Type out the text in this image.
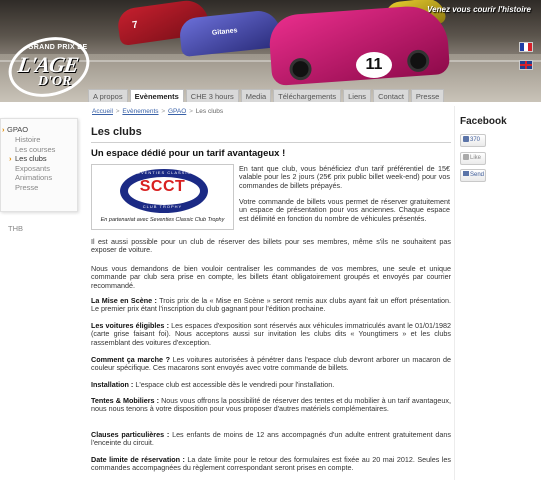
7
Gitanes
11
GRAND PRIX DE
L'AGE
D'OR
Venez vous courir l'histoire
A propos	Evènements	CHE 3 hours	Media	Téléchargements	Liens	Contact	Presse
Accueil > Evènements > GPAO > Les clubs
› GPAO
Histoire
Les courses
› Les clubs
Exposants
Animations
Presse
THB
Les clubs
Un espace dédié pour un tarif avantageux !
SEVENTIES CLASSIC
SCCT
CLUB TROPHY
En partenariat avec Seventies Classic Club Trophy
En tant que club, vous bénéficiez d'un tarif préférentiel de 15€ valable pour les 2 jours (25€ prix public billet week-end) pour vos commandes de billets prépayés.
Votre commande de billets vous permet de réserver gratuitement un espace de présentation pour vos anciennes. Chaque espace est délimité en fonction du nombre de véhicules présentés.
Il est aussi possible pour un club de réserver des billets pour ses membres, même s'ils ne souhaitent pas exposer de voiture.
Nous vous demandons de bien vouloir centraliser les commandes de vos membres, une seule et unique commande par club sera prise en compte, les billets étant obligatoirement groupés et envoyés par courrier recommandé.
La Mise en Scène : Trois prix de la « Mise en Scène » seront remis aux clubs ayant fait un effort présentation. Le premier prix étant l'inscription du club gagnant pour l'édition prochaine.
Les voitures éligibles : Les espaces d'exposition sont réservés aux véhicules immatriculés avant le 01/01/1982 (carte grise faisant foi). Nous acceptons aussi sur invitation les clubs dits « Youngtimers » et les clubs rassemblant des voitures d'exception.
Comment ça marche ? Les voitures autorisées à pénétrer dans l'espace club devront arborer un macaron de couleur spécifique. Ces macarons sont envoyés avec votre commande de billets.
Installation : L'espace club est accessible dès le vendredi pour l'installation.
Tentes & Mobiliers : Nous vous offrons la possibilité de réserver des tentes et du mobilier à un tarif avantageux, nous nous tenons à votre disposition pour vous proposer d'autres matériels complémentaires.
Clauses particulières : Les enfants de moins de 12 ans accompagnés d'un adulte entrent gratuitement dans l'enceinte du circuit.
Date limite de réservation : La date limite pour le retour des formulaires est fixée au 20 mai 2012. Seules les commandes accompagnées du règlement correspondant seront prises en compte.
Facebook
370
Like
Send
